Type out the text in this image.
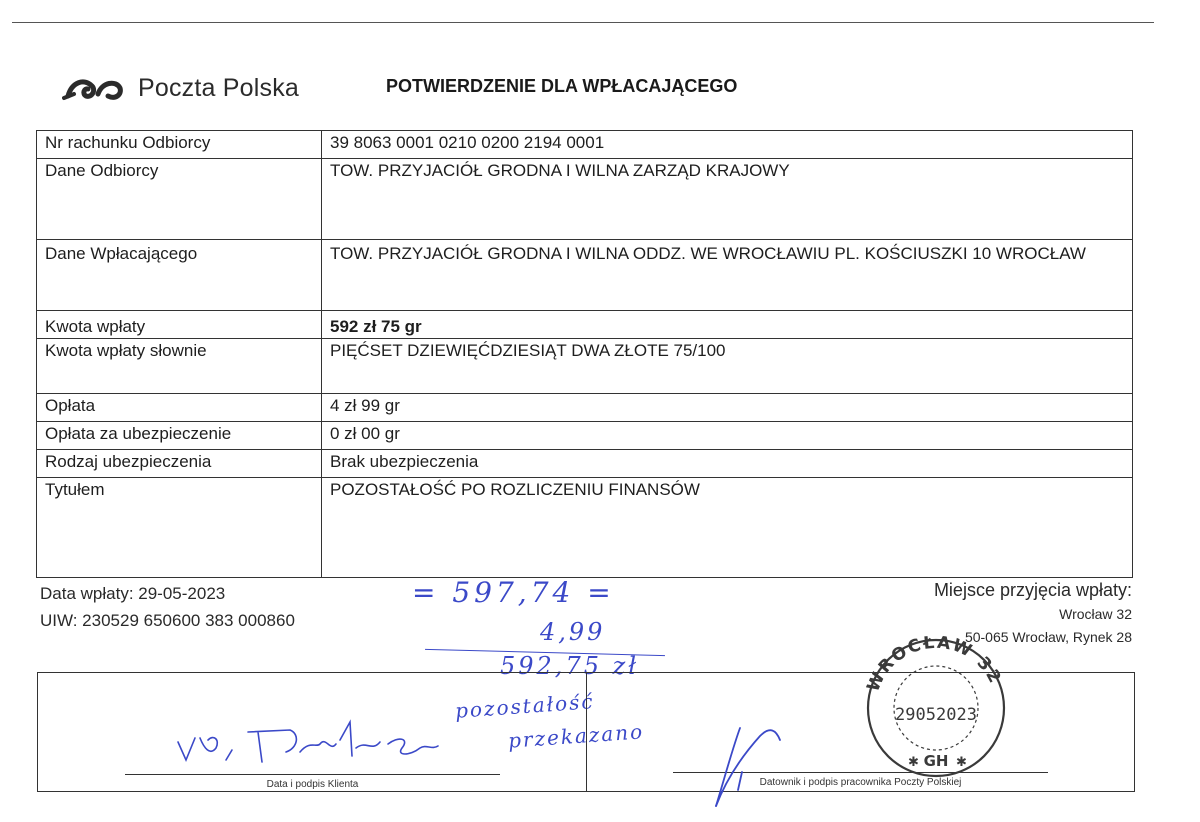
Poczta Polska	POTWIERDZENIE DLA WPŁACAJĄCEGO
Nr rachunku Odbiorcy	39 8063 0001 0210 0200 2194 0001
Dane Odbiorcy	TOW. PRZYJACIÓŁ GRODNA I WILNA ZARZĄD KRAJOWY
Dane Wpłacającego	TOW. PRZYJACIÓŁ GRODNA I WILNA ODDZ. WE WROCŁAWIU PL. KOŚCIUSZKI 10 WROCŁAW
Kwota wpłaty	592 zł 75 gr
Kwota wpłaty słownie	PIĘĆSET DZIEWIĘĆDZIESIĄT DWA ZŁOTE 75/100
Opłata	4 zł 99 gr
Opłata za ubezpieczenie	0 zł 00 gr
Rodzaj ubezpieczenia	Brak ubezpieczenia
Tytułem	POZOSTAŁOŚĆ PO ROZLICZENIU FINANSÓW
Data wpłaty: 29-05-2023
UIW: 230529 650600 383 000860
Miejsce przyjęcia wpłaty:
Wrocław 32
50-065 Wrocław, Rynek 28
= 597,74 =
4,99
592,75 zł
pozostałość
przekazano
Data i podpis Klienta	Datownik i podpis pracownika Poczty Polskiej
WROCŁAW 32
29052023
GH
✱	✱
